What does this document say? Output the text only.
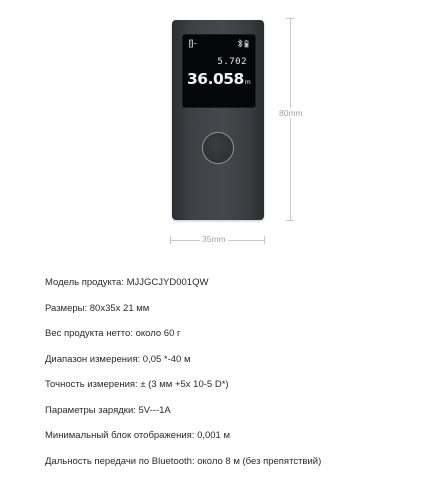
5.702
36.058m
80mm
35mm
Модель продукта: MJJGCJYD001QW
Размеры: 80x35x 21 мм
Вес продукта нетто: около 60 г
Диапазон измерения: 0,05 *-40 м
Точность измерения: ± (3 мм +5x 10-5 D*)
Параметры зарядки: 5V---1A
Минимальный блок отображения: 0,001 м
Дальность передачи по Bluetooth: около 8 м (без препятствий)
